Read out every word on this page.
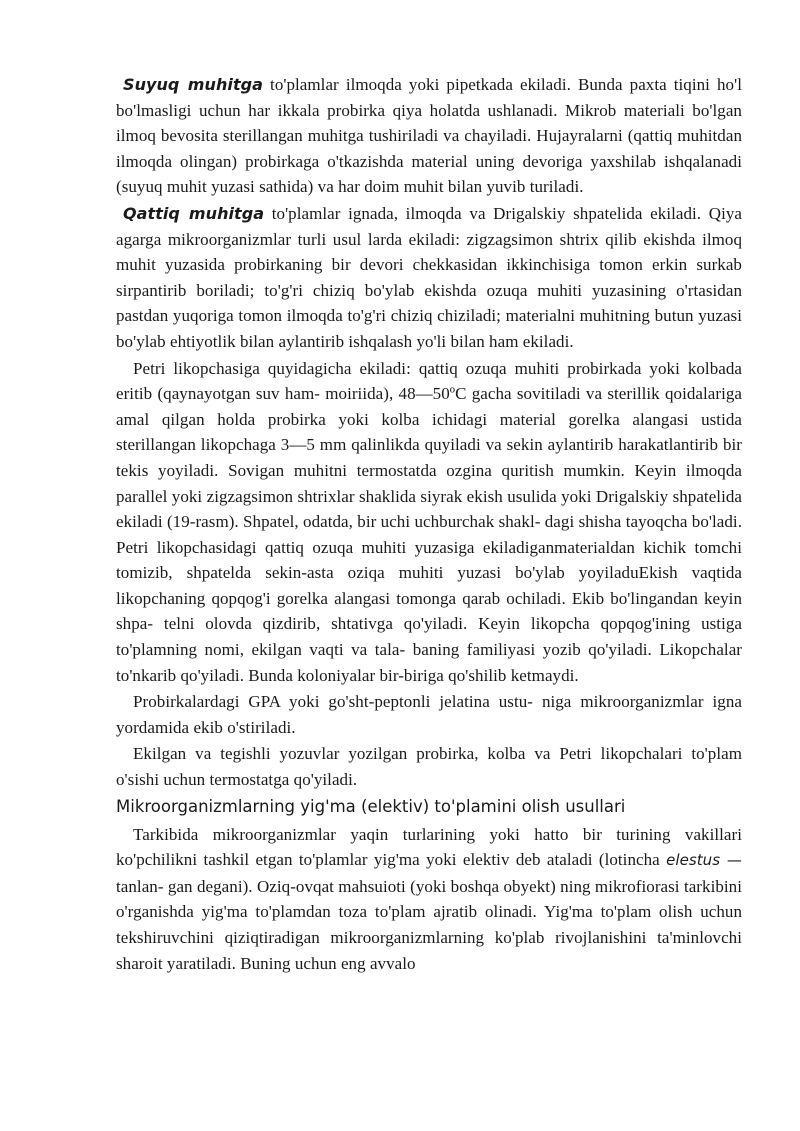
Suyuq muhitga to'plamlar ilmoqda yoki pipetkada ekiladi. Bunda paxta tiqini ho'l bo'lmasligi uchun har ikkala probirka qiya holatda ushlanadi. Mikrob materiali bo'lgan ilmoq bevosita sterillangan muhitga tushiriladi va chayiladi. Hujayralarni (qattiq muhitdan ilmoqda olingan) probirkaga o'tkazishda material uning devoriga yaxshilab ishqalanadi (suyuq muhit yuzasi sathida) va har doim muhit bilan yuvib turiladi.

Qattiq muhitga to'plamlar ignada, ilmoqda va Drigalskiy shpatelida ekiladi. Qiya agarga mikroorganizmlar turli usul larda ekiladi: zigzagsimon shtrix qilib ekishda ilmoq muhit yuzasida probirkaning bir devori chekkasidan ikkinchisiga tomon erkin surkab sirpantirib boriladi; to'g'ri chiziq bo'ylab ekishda ozuqa muhiti yuzasining o'rtasidan pastdan yuqoriga tomon ilmoqda to'g'ri chiziq chiziladi; materialni muhitning butun yuzasi bo'ylab ehtiyotlik bilan aylantirib ishqalash yo'li bilan ham ekiladi.

Petri likopchasiga quyidagicha ekiladi: qattiq ozuqa muhiti probirkada yoki kolbada eritib (qaynayotgan suv ham- moiriida), 48—50ºC gacha sovitiladi va sterillik qoidalariga amal qilgan holda probirka yoki kolba ichidagi material gorelka alangasi ustida sterillangan likopchaga 3—5 mm qalinlikda quyiladi va sekin aylantirib harakatlantirib bir tekis yoyiladi. Sovigan muhitni termostatda ozgina quritish mumkin. Keyin ilmoqda parallel yoki zigzagsimon shtrixlar shaklida siyrak ekish usulida yoki Drigalskiy shpatelida ekiladi (19-rasm). Shpatel, odatda, bir uchi uchburchak shakl- dagi shisha tayoqcha bo'ladi. Petri likopchasidagi qattiq ozuqa muhiti yuzasiga ekiladiganmaterialdan kichik tomchi tomizib, shpatelda sekin-asta oziqa muhiti yuzasi bo'ylab yoyiladuEkish vaqtida likopchaning qopqog'i gorelka alangasi tomonga qarab ochiladi. Ekib bo'lingandan keyin shpa- telni olovda qizdirib, shtativga qo'yiladi. Keyin likopcha qopqog'ining ustiga to'plamning nomi, ekilgan vaqti va tala- baning familiyasi yozib qo'yiladi. Likopchalar to'nkarib qo'yiladi. Bunda koloniyalar bir-biriga qo'shilib ketmaydi.

Probirkalardagi GPA yoki go'sht-peptonli jelatina ustu- niga mikroorganizmlar igna yordamida ekib o'stiriladi.

Ekilgan va tegishli yozuvlar yozilgan probirka, kolba va Petri likopchalari to'plam o'sishi uchun termostatga qo'yiladi.

Mikroorganizmlarning yig'ma (elektiv) to'plamini olish usullari

Tarkibida mikroorganizmlar yaqin turlarining yoki hatto bir turining vakillari ko'pchilikni tashkil etgan to'plamlar yig'ma yoki elektiv deb ataladi (lotincha elestus — tanlan- gan degani). Oziq-ovqat mahsuioti (yoki boshqa obyekt) ning mikrofiorasi tarkibini o'rganishda yig'ma to'plamdan toza to'plam ajratib olinadi. Yig'ma to'plam olish uchun tekshiruvchini qiziqtiradigan mikroorganizmlarning ko'plab rivojlanishini ta'minlovchi sharoit yaratiladi. Buning uchun eng avvalo
